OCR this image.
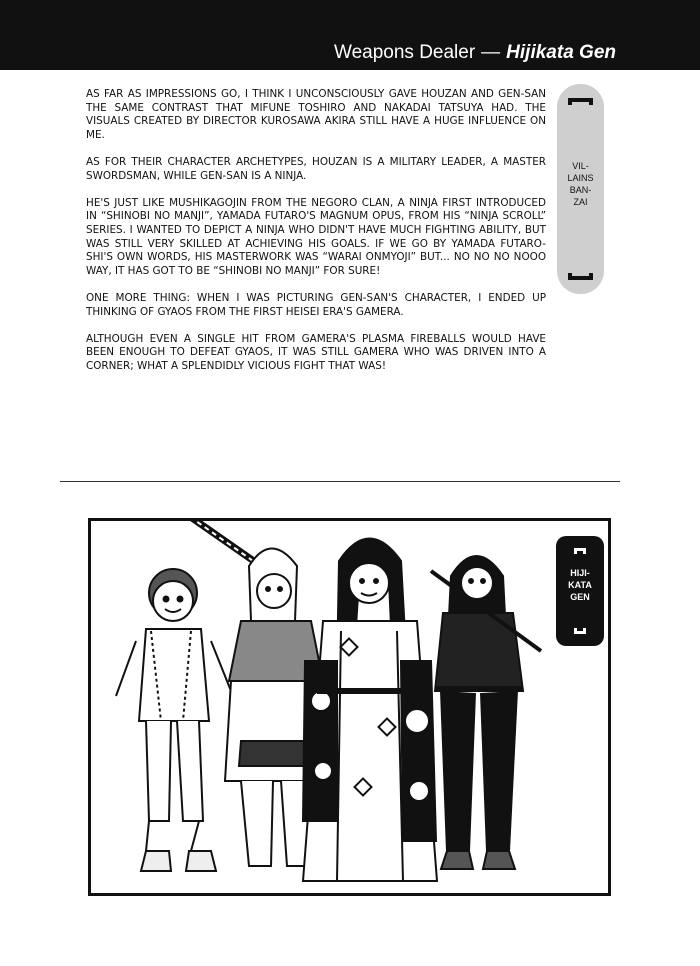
Weapons Dealer — Hijikata Gen

AS FAR AS IMPRESSIONS GO, I THINK I UNCONSCIOUSLY GAVE HOUZAN AND GEN-SAN THE SAME CONTRAST THAT MIFUNE TOSHIRO AND NAKADAI TATSUYA HAD. THE VISUALS CREATED BY DIRECTOR KUROSAWA AKIRA STILL HAVE A HUGE INFLUENCE ON ME.

AS FOR THEIR CHARACTER ARCHETYPES, HOUZAN IS A MILITARY LEADER, A MASTER SWORDSMAN, WHILE GEN-SAN IS A NINJA.

HE'S JUST LIKE MUSHIKAGOJIN FROM THE NEGORO CLAN, A NINJA FIRST INTRODUCED IN “SHINOBI NO MANJI”, YAMADA FUTARO'S MAGNUM OPUS, FROM HIS “NINJA SCROLL” SERIES. I WANTED TO DEPICT A NINJA WHO DIDN'T HAVE MUCH FIGHTING ABILITY, BUT WAS STILL VERY SKILLED AT ACHIEVING HIS GOALS. IF WE GO BY YAMADA FUTARO-SHI'S OWN WORDS, HIS MASTERWORK WAS “WARAI ONMYOJI” BUT... NO NO NO NOOO WAY, IT HAS GOT TO BE “SHINOBI NO MANJI” FOR SURE!

ONE MORE THING: WHEN I WAS PICTURING GEN-SAN'S CHARACTER, I ENDED UP THINKING OF GYAOS FROM THE FIRST HEISEI ERA'S GAMERA.

ALTHOUGH EVEN A SINGLE HIT FROM GAMERA'S PLASMA FIREBALLS WOULD HAVE BEEN ENOUGH TO DEFEAT GYAOS, IT WAS STILL GAMERA WHO WAS DRIVEN INTO A CORNER; WHAT A SPLENDIDLY VICIOUS FIGHT THAT WAS!

VIL-
LAINS
BAN-
ZAI
HIJI-
KATA
GEN
